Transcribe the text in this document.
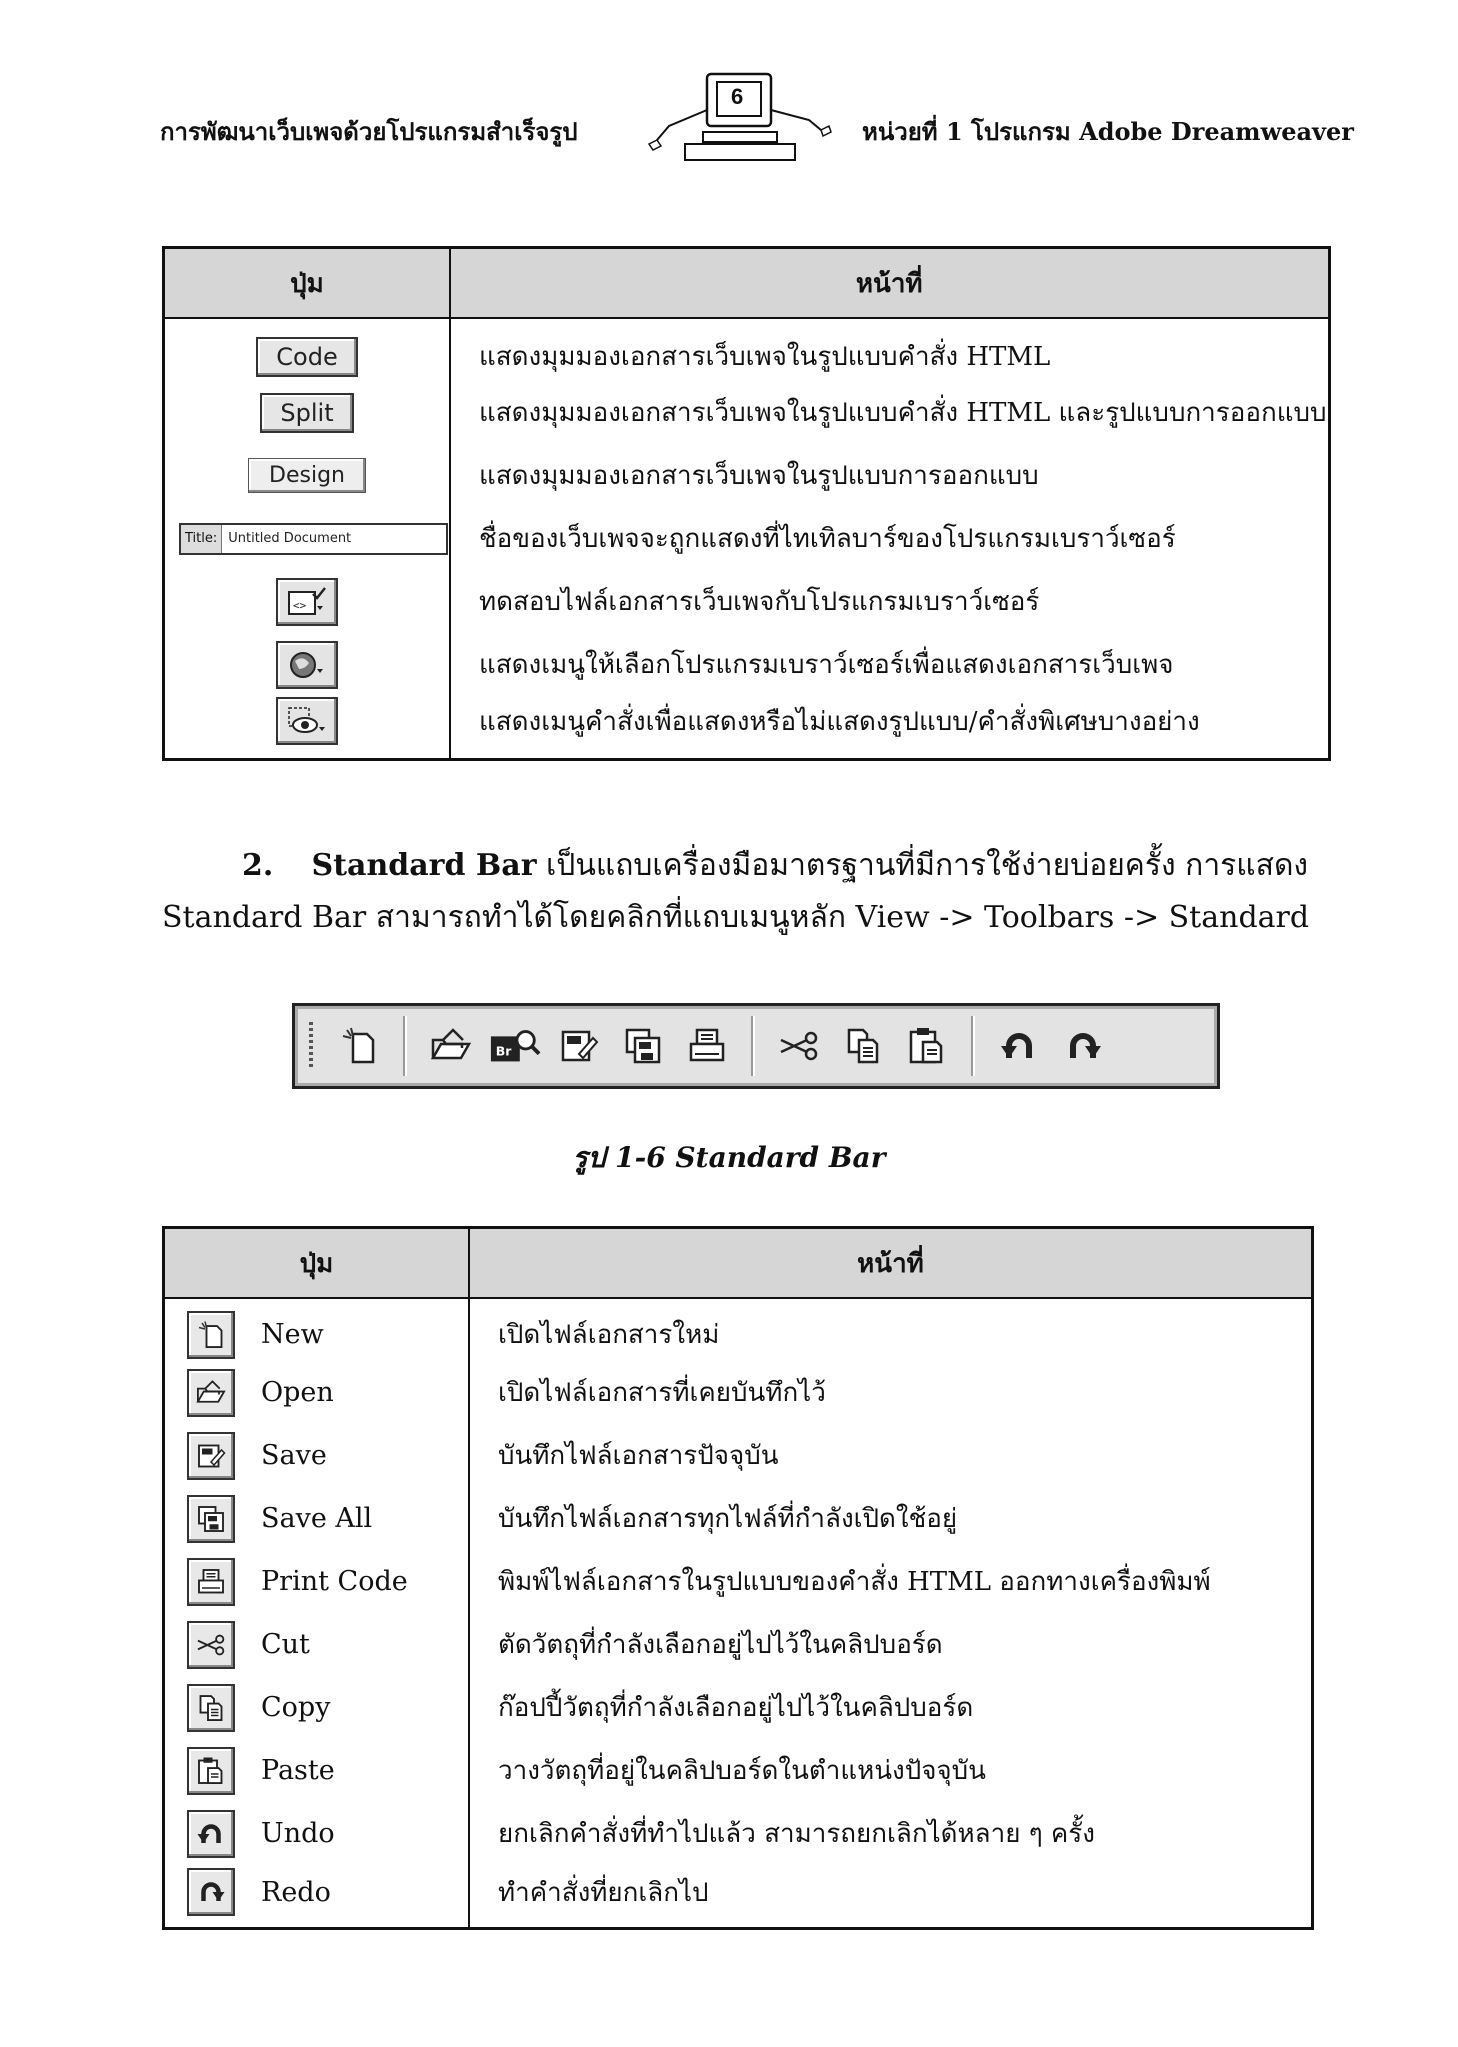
การพัฒนาเว็บเพจด้วยโปรแกรมสำเร็จรูป
6
หน่วยที่ 1 โปรแกรม Adobe Dreamweaver
ปุ่ม	หน้าที่
Code	แสดงมุมมองเอกสารเว็บเพจในรูปแบบคำสั่ง HTML
Split	แสดงมุมมองเอกสารเว็บเพจในรูปแบบคำสั่ง HTML และรูปแบบการออกแบบ
Design	แสดงมุมมองเอกสารเว็บเพจในรูปแบบการออกแบบ

Title: Untitled Document	ชื่อของเว็บเพจจะถูกแสดงที่ไทเทิลบาร์ของโปรแกรมเบราว์เซอร์

<>	ทดสอบไฟล์เอกสารเว็บเพจกับโปรแกรมเบราว์เซอร์

	แสดงเมนูให้เลือกโปรแกรมเบราว์เซอร์เพื่อแสดงเอกสารเว็บเพจ

	แสดงเมนูคำสั่งเพื่อแสดงหรือไม่แสดงรูปแบบ/คำสั่งพิเศษบางอย่าง
2. Standard Bar เป็นแถบเครื่องมือมาตรฐานที่มีการใช้ง่ายบ่อยครั้ง การแสดง
Standard Bar สามารถทำได้โดยคลิกที่แถบเมนูหลัก View -> Toolbars -> Standard
Br
รูป 1-6 Standard Bar
ปุ่ม		หน้าที่

	New	เปิดไฟล์เอกสารใหม่

	Open	เปิดไฟล์เอกสารที่เคยบันทึกไว้

	Save	บันทึกไฟล์เอกสารปัจจุบัน

	Save All	บันทึกไฟล์เอกสารทุกไฟล์ที่กำลังเปิดใช้อยู่

	Print Code	พิมพ์ไฟล์เอกสารในรูปแบบของคำสั่ง HTML ออกทางเครื่องพิมพ์

	Cut	ตัดวัตถุที่กำลังเลือกอยู่ไปไว้ในคลิปบอร์ด

	Copy	ก๊อปปี้วัตถุที่กำลังเลือกอยู่ไปไว้ในคลิปบอร์ด

	Paste	วางวัตถุที่อยู่ในคลิปบอร์ดในตำแหน่งปัจจุบัน

	Undo	ยกเลิกคำสั่งที่ทำไปแล้ว สามารถยกเลิกได้หลาย ๆ ครั้ง

	Redo	ทำคำสั่งที่ยกเลิกไป
